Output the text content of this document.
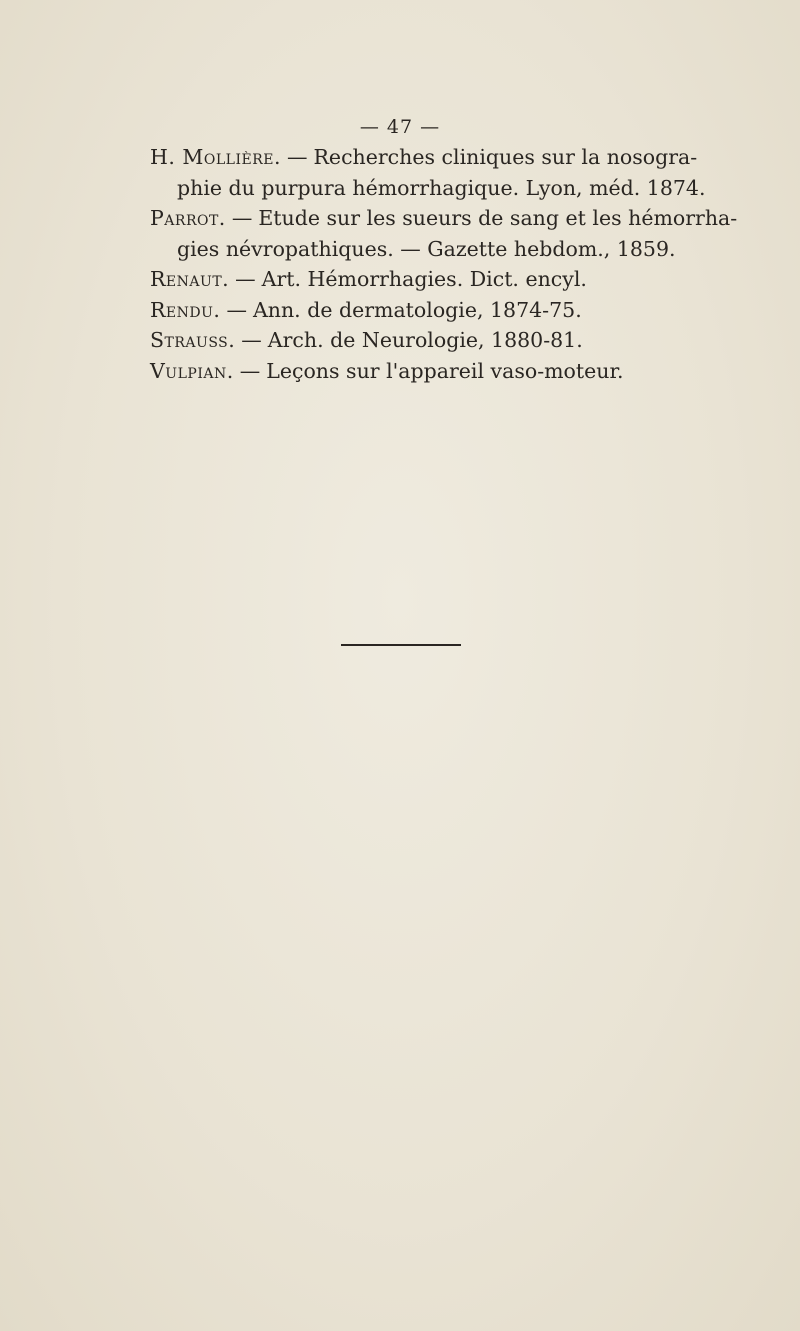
— 47 —
H. Mollière. — Recherches cliniques sur la nosogra-
phie du purpura hémorrhagique. Lyon, méd. 1874.
Parrot. — Etude sur les sueurs de sang et les hémorrha-
gies névropathiques. — Gazette hebdom., 1859.
Renaut. — Art. Hémorrhagies. Dict. encyl.
Rendu. — Ann. de dermatologie, 1874-75.
Strauss. — Arch. de Neurologie, 1880-81.
Vulpian. — Leçons sur l'appareil vaso-moteur.
